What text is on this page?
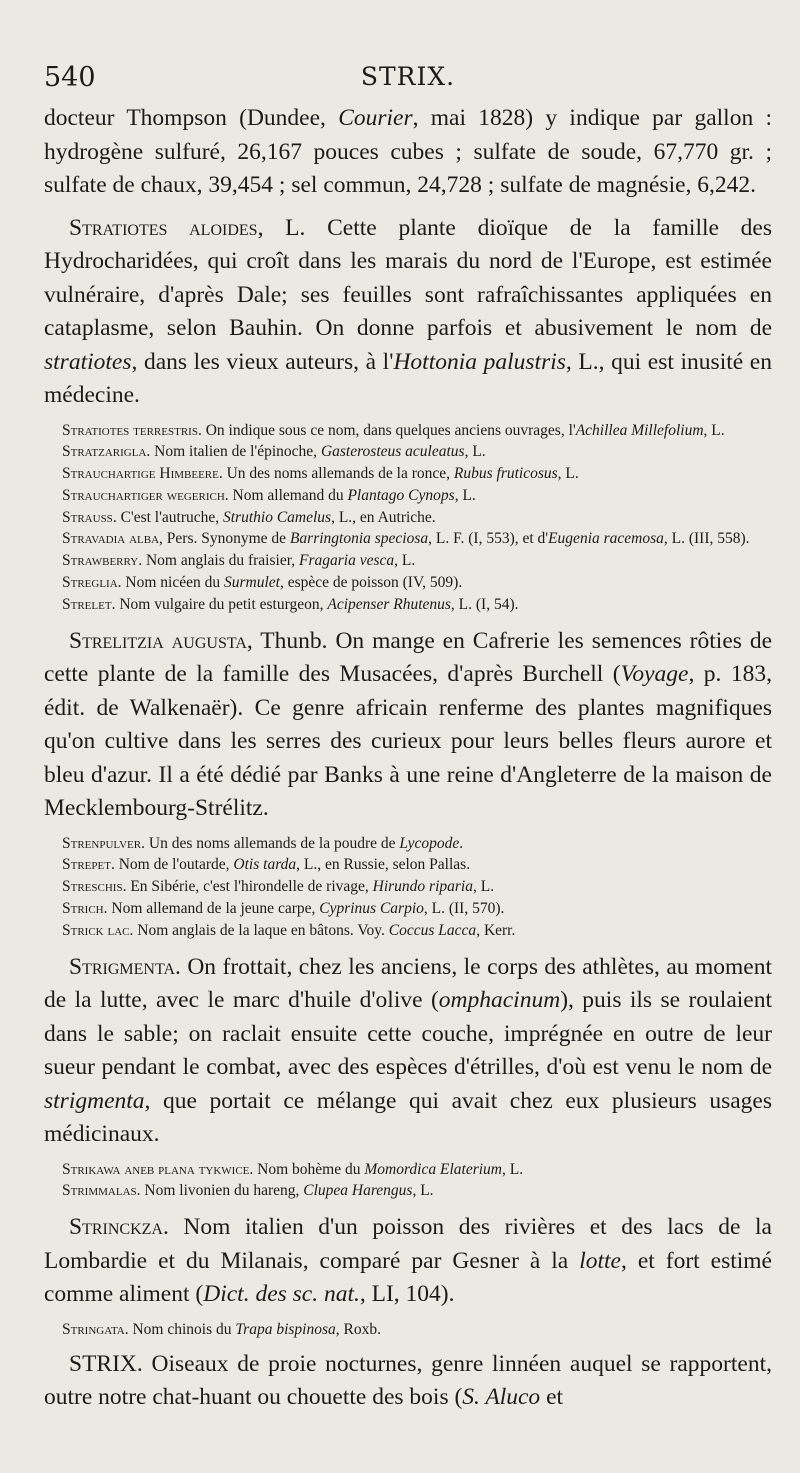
540	STRIX.

docteur Thompson (Dundee, Courier, mai 1828) y indique par gallon : hydrogène sulfuré, 26,167 pouces cubes ; sulfate de soude, 67,770 gr. ; sulfate de chaux, 39,454 ; sel commun, 24,728 ; sulfate de magnésie, 6,242.

Stratiotes aloides, L. Cette plante dioïque de la famille des Hydrocharidées, qui croît dans les marais du nord de l'Europe, est estimée vulnéraire, d'après Dale; ses feuilles sont rafraîchissantes appliquées en cataplasme, selon Bauhin. On donne parfois et abusivement le nom de stratiotes, dans les vieux auteurs, à l'Hottonia palustris, L., qui est inusité en médecine.

Stratiotes terrestris. On indique sous ce nom, dans quelques anciens ouvrages, l'Achillea Millefolium, L.

Stratzarigla. Nom italien de l'épinoche, Gasterosteus aculeatus, L.

Strauchartige Himbeere. Un des noms allemands de la ronce, Rubus fruticosus, L.

Strauchartiger wegerich. Nom allemand du Plantago Cynops, L.

Strauss. C'est l'autruche, Struthio Camelus, L., en Autriche.

Stravadia alba, Pers. Synonyme de Barringtonia speciosa, L. F. (I, 553), et d'Eugenia racemosa, L. (III, 558).

Strawberry. Nom anglais du fraisier, Fragaria vesca, L.

Streglia. Nom nicéen du Surmulet, espèce de poisson (IV, 509).

Strelet. Nom vulgaire du petit esturgeon, Acipenser Rhutenus, L. (I, 54).

Strelitzia augusta, Thunb. On mange en Cafrerie les semences rôties de cette plante de la famille des Musacées, d'après Burchell (Voyage, p. 183, édit. de Walkenaër). Ce genre africain renferme des plantes magnifiques qu'on cultive dans les serres des curieux pour leurs belles fleurs aurore et bleu d'azur. Il a été dédié par Banks à une reine d'Angleterre de la maison de Mecklembourg-Strélitz.

Strenpulver. Un des noms allemands de la poudre de Lycopode.

Strepet. Nom de l'outarde, Otis tarda, L., en Russie, selon Pallas.

Streschis. En Sibérie, c'est l'hirondelle de rivage, Hirundo riparia, L.

Strich. Nom allemand de la jeune carpe, Cyprinus Carpio, L. (II, 570).

Strick lac. Nom anglais de la laque en bâtons. Voy. Coccus Lacca, Kerr.

Strigmenta. On frottait, chez les anciens, le corps des athlètes, au moment de la lutte, avec le marc d'huile d'olive (omphacinum), puis ils se roulaient dans le sable; on raclait ensuite cette couche, imprégnée en outre de leur sueur pendant le combat, avec des espèces d'étrilles, d'où est venu le nom de strigmenta, que portait ce mélange qui avait chez eux plusieurs usages médicinaux.

Strikawa aneb plana tykwice. Nom bohème du Momordica Elaterium, L.

Strimmalas. Nom livonien du hareng, Clupea Harengus, L.

Strinckza. Nom italien d'un poisson des rivières et des lacs de la Lombardie et du Milanais, comparé par Gesner à la lotte, et fort estimé comme aliment (Dict. des sc. nat., LI, 104).

Stringata. Nom chinois du Trapa bispinosa, Roxb.

STRIX. Oiseaux de proie nocturnes, genre linnéen auquel se rapportent, outre notre chat-huant ou chouette des bois (S. Aluco et
